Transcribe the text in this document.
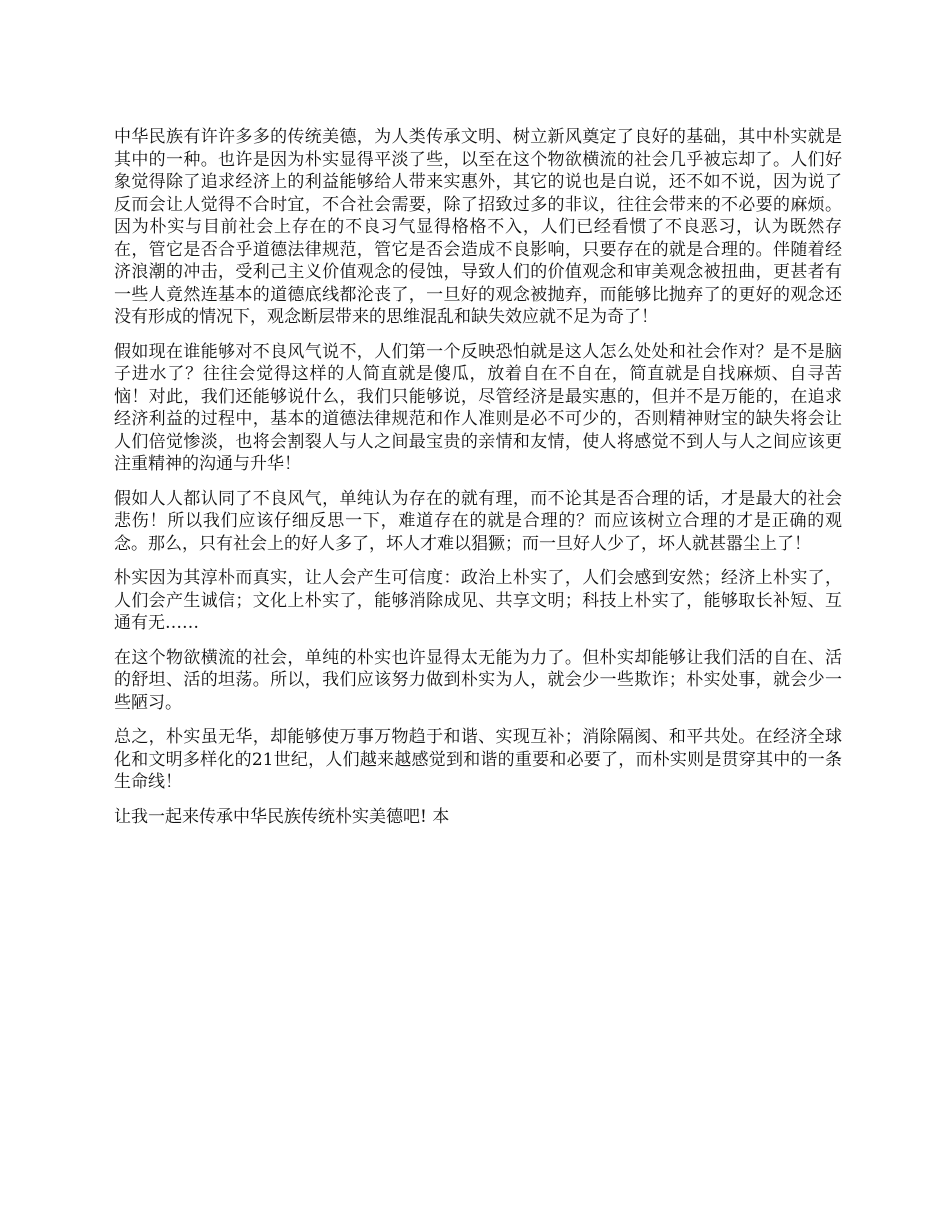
中华民族有许许多多的传统美德，为人类传承文明、树立新风奠定了良好的基础，其中朴实就是其中的一种。也许是因为朴实显得平淡了些，以至在这个物欲横流的社会几乎被忘却了。人们好象觉得除了追求经济上的利益能够给人带来实惠外，其它的说也是白说，还不如不说，因为说了反而会让人觉得不合时宜，不合社会需要，除了招致过多的非议，往往会带来的不必要的麻烦。因为朴实与目前社会上存在的不良习气显得格格不入，人们已经看惯了不良恶习，认为既然存在，管它是否合乎道德法律规范，管它是否会造成不良影响，只要存在的就是合理的。伴随着经济浪潮的冲击，受利己主义价值观念的侵蚀，导致人们的价值观念和审美观念被扭曲，更甚者有一些人竟然连基本的道德底线都沦丧了，一旦好的观念被抛弃，而能够比抛弃了的更好的观念还没有形成的情况下，观念断层带来的思维混乱和缺失效应就不足为奇了！

假如现在谁能够对不良风气说不，人们第一个反映恐怕就是这人怎么处处和社会作对？是不是脑子进水了？往往会觉得这样的人简直就是傻瓜，放着自在不自在，简直就是自找麻烦、自寻苦恼！对此，我们还能够说什么，我们只能够说，尽管经济是最实惠的，但并不是万能的，在追求经济利益的过程中，基本的道德法律规范和作人准则是必不可少的，否则精神财宝的缺失将会让人们倍觉惨淡，也将会割裂人与人之间最宝贵的亲情和友情，使人将感觉不到人与人之间应该更注重精神的沟通与升华！

假如人人都认同了不良风气，单纯认为存在的就有理，而不论其是否合理的话，才是最大的社会悲伤！所以我们应该仔细反思一下，难道存在的就是合理的？而应该树立合理的才是正确的观念。那么，只有社会上的好人多了，坏人才难以猖獗；而一旦好人少了，坏人就甚嚣尘上了！

朴实因为其淳朴而真实，让人会产生可信度：政治上朴实了，人们会感到安然；经济上朴实了，人们会产生诚信；文化上朴实了，能够消除成见、共享文明；科技上朴实了，能够取长补短、互通有无……

在这个物欲横流的社会，单纯的朴实也许显得太无能为力了。但朴实却能够让我们活的自在、活的舒坦、活的坦荡。所以，我们应该努力做到朴实为人，就会少一些欺诈；朴实处事，就会少一些陋习。

总之，朴实虽无华，却能够使万事万物趋于和谐、实现互补；消除隔阂、和平共处。在经济全球化和文明多样化的21世纪，人们越来越感觉到和谐的重要和必要了，而朴实则是贯穿其中的一条生命线！

让我一起来传承中华民族传统朴实美德吧! 本
